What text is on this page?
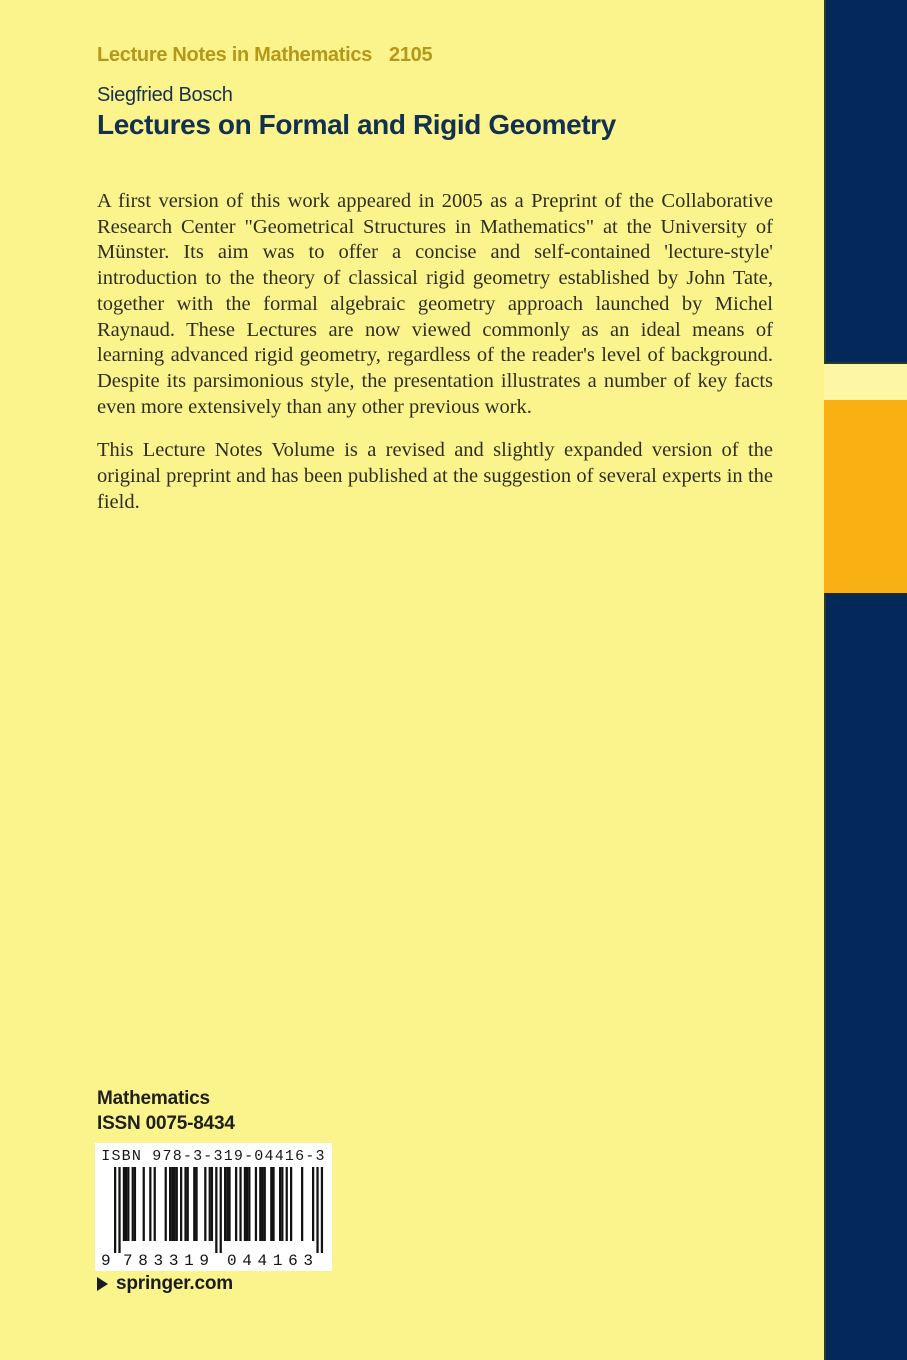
Lecture Notes in Mathematics 2105
Siegfried Bosch
Lectures on Formal and Rigid Geometry

A first version of this work appeared in 2005 as a Preprint of the Collaborative Research Center "Geometrical Structures in Mathematics" at the University of Münster. Its aim was to offer a concise and self-contained 'lecture-style' introduction to the theory of classical rigid geometry established by John Tate, together with the formal algebraic geometry approach launched by Michel Raynaud. These Lectures are now viewed commonly as an ideal means of learning advanced rigid geometry, regardless of the reader's level of background. Despite its parsimonious style, the presentation illustrates a number of key facts even more extensively than any other previous work.

This Lecture Notes Volume is a revised and slightly expanded version of the original preprint and has been published at the suggestion of several experts in the field.

Mathematics
ISSN 0075-8434
ISBN 978-3-319-04416-3
9 783319 044163
springer.com
